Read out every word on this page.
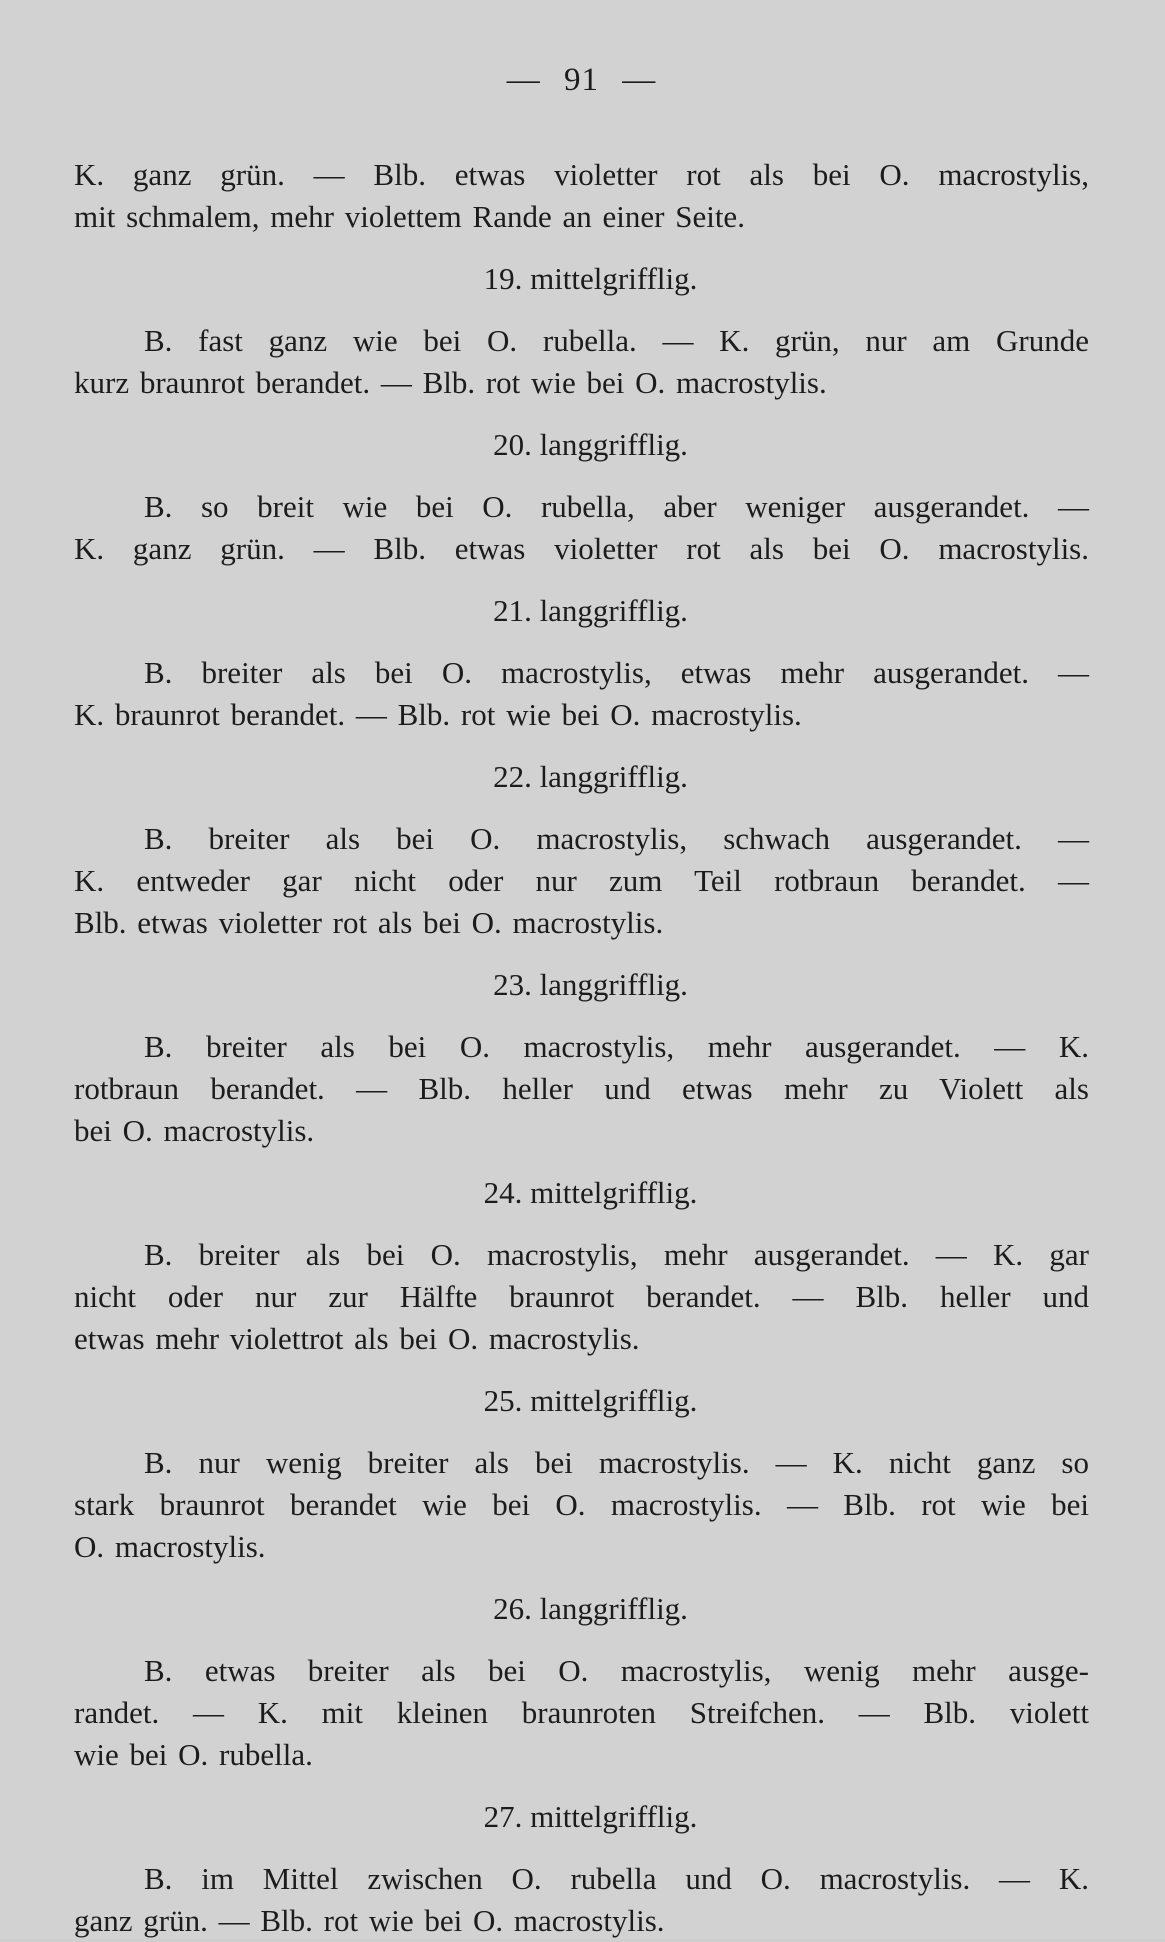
— 91 —
K. ganz grün. — Blb. etwas violetter rot als bei O. macrostylis,
mit schmalem, mehr violettem Rande an einer Seite.
19. mittelgrifflig.
B. fast ganz wie bei O. rubella. — K. grün, nur am Grunde
kurz braunrot berandet. — Blb. rot wie bei O. macrostylis.
20. langgrifflig.
B. so breit wie bei O. rubella, aber weniger ausgerandet. —
K. ganz grün. — Blb. etwas violetter rot als bei O. macrostylis.
21. langgrifflig.
B. breiter als bei O. macrostylis, etwas mehr ausgerandet. —
K. braunrot berandet. — Blb. rot wie bei O. macrostylis.
22. langgrifflig.
B. breiter als bei O. macrostylis, schwach ausgerandet. —
K. entweder gar nicht oder nur zum Teil rotbraun berandet. —
Blb. etwas violetter rot als bei O. macrostylis.
23. langgrifflig.
B. breiter als bei O. macrostylis, mehr ausgerandet. — K.
rotbraun berandet. — Blb. heller und etwas mehr zu Violett als
bei O. macrostylis.
24. mittelgrifflig.
B. breiter als bei O. macrostylis, mehr ausgerandet. — K. gar
nicht oder nur zur Hälfte braunrot berandet. — Blb. heller und
etwas mehr violettrot als bei O. macrostylis.
25. mittelgrifflig.
B. nur wenig breiter als bei macrostylis. — K. nicht ganz so
stark braunrot berandet wie bei O. macrostylis. — Blb. rot wie bei
O. macrostylis.
26. langgrifflig.
B. etwas breiter als bei O. macrostylis, wenig mehr ausge-
randet. — K. mit kleinen braunroten Streifchen. — Blb. violett
wie bei O. rubella.
27. mittelgrifflig.
B. im Mittel zwischen O. rubella und O. macrostylis. — K.
ganz grün. — Blb. rot wie bei O. macrostylis.
